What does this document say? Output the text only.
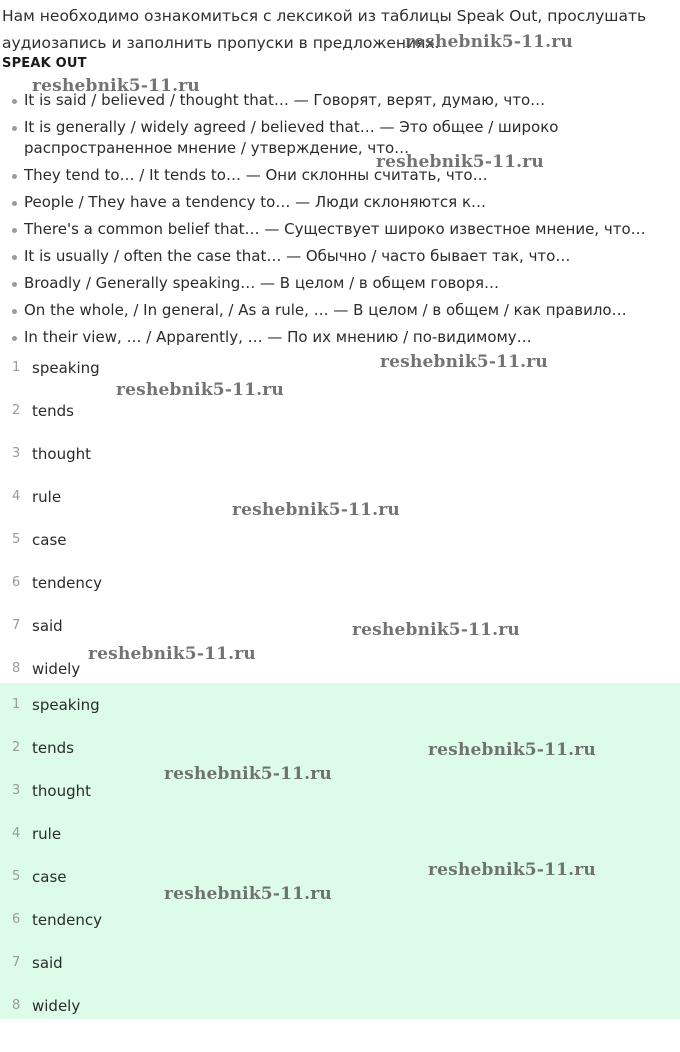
Нам необходимо ознакомиться с лексикой из таблицы Speak Out, прослушать аудиозапись и заполнить пропуски в предложениях.

SPEAK OUT
It is said / believed / thought that… — Говорят, верят, думаю, что…
It is generally / widely agreed / believed that… — Это общее / широко распространенное мнение / утверждение, что…
They tend to… / It tends to… — Они склонны считать, что…
People / They have a tendency to… — Люди склоняются к…
There's a common belief that… — Существует широко известное мнение, что…
It is usually / often the case that… — Обычно / часто бывает так, что…
Broadly / Generally speaking… — В целом / в общем говоря…
On the whole, / In general, / As a rule, … — В целом / в общем / как правило…
In their view, … / Apparently, … — По их мнению / по-видимому…
1 speaking
2 tends
3 thought
4 rule
5 case
6 tendency
7 said
8 widely
1 speaking
2 tends
3 thought
4 rule
5 case
6 tendency
7 said
8 widely
reshebnik5-11.ru
reshebnik5-11.ru
reshebnik5-11.ru
reshebnik5-11.ru
reshebnik5-11.ru
reshebnik5-11.ru
reshebnik5-11.ru
reshebnik5-11.ru
reshebnik5-11.ru
reshebnik5-11.ru
reshebnik5-11.ru
reshebnik5-11.ru
